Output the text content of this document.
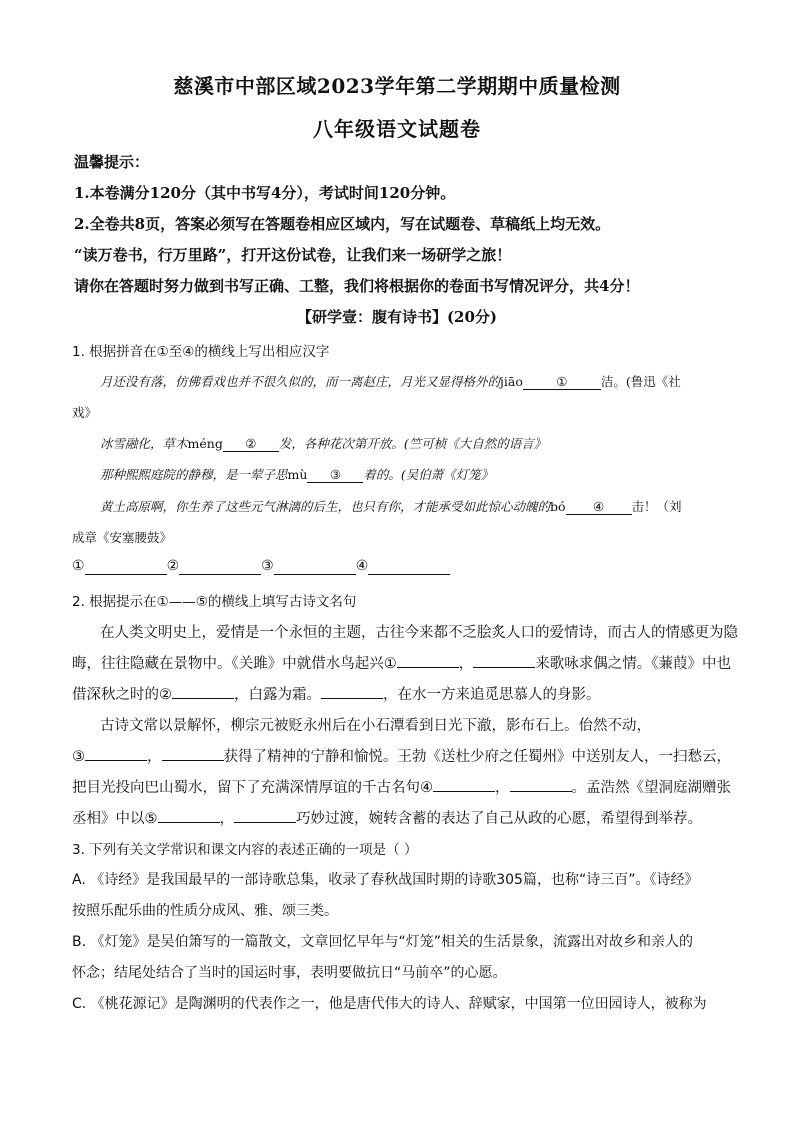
慈溪市中部区域2023学年第二学期期中质量检测
八年级语文试题卷
温馨提示：
1.本卷满分120分（其中书写4分），考试时间120分钟。
2.全卷共8页，答案必须写在答题卷相应区域内，写在试题卷、草稿纸上均无效。
“读万卷书，行万里路”，打开这份试卷，让我们来一场研学之旅！
请你在答题时努力做到书写正确、工整，我们将根据你的卷面书写情况评分，共4分！
【研学壹：腹有诗书】(20分)
1. 根据拼音在①至④的横线上写出相应汉字
月还没有落，仿佛看戏也并不很久似的，而一离赵庄，月光又显得格外的jiāo	①	洁。(鲁迅《社
戏》
冰雪融化，草木méng ② 发，各种花次第开放。(竺可桢《大自然的语言》
那种熙熙庭院的静穆，是一荤子思mù ③ 着的。(吴伯萧《灯笼》
黄土高原啊，你生养了这些元气淋漓的后生，也只有你，才能承受如此惊心动魄的bó ④ 击！（刘
成章《安塞腰鼓》
①	②	③	④
2. 根据提示在①——⑤的横线上填写古诗文名句
在人类文明史上，爱情是一个永恒的主题，古往今来都不乏脍炙人口的爱情诗，而古人的情感更为隐
晦，往往隐藏在景物中。《关雎》中就借水鸟起兴①	，	来歌咏求偶之情。《蒹葭》中也
借深秋之时的②	，白露为霜。	，在水一方来追觅思慕人的身影。
古诗文常以景解怀，柳宗元被贬永州后在小石潭看到日光下澈，影布石上。佁然不动，
③	，	获得了精神的宁静和愉悦。王勃《送杜少府之任蜀州》中送别友人，一扫愁云，
把目光投向巴山蜀水，留下了充满深情厚谊的千古名句④	，	。孟浩然《望洞庭湖赠张
丞相》中以⑤	，	巧妙过渡，婉转含蓄的表达了自己从政的心愿，希望得到举荐。
3. 下列有关文学常识和课文内容的表述正确的一项是（ ）
A. 《诗经》是我国最早的一部诗歌总集，收录了春秋战国时期的诗歌305篇，也称“诗三百”。《诗经》
按照乐配乐曲的性质分成风、雅、颂三类。
B. 《灯笼》是吴伯箫写的一篇散文，文章回忆早年与“灯笼”相关的生活景象，流露出对故乡和亲人的
怀念；结尾处结合了当时的国运时事，表明要做抗日“马前卒”的心愿。
C. 《桃花源记》是陶渊明的代表作之一，他是唐代伟大的诗人、辞赋家，中国第一位田园诗人，被称为
